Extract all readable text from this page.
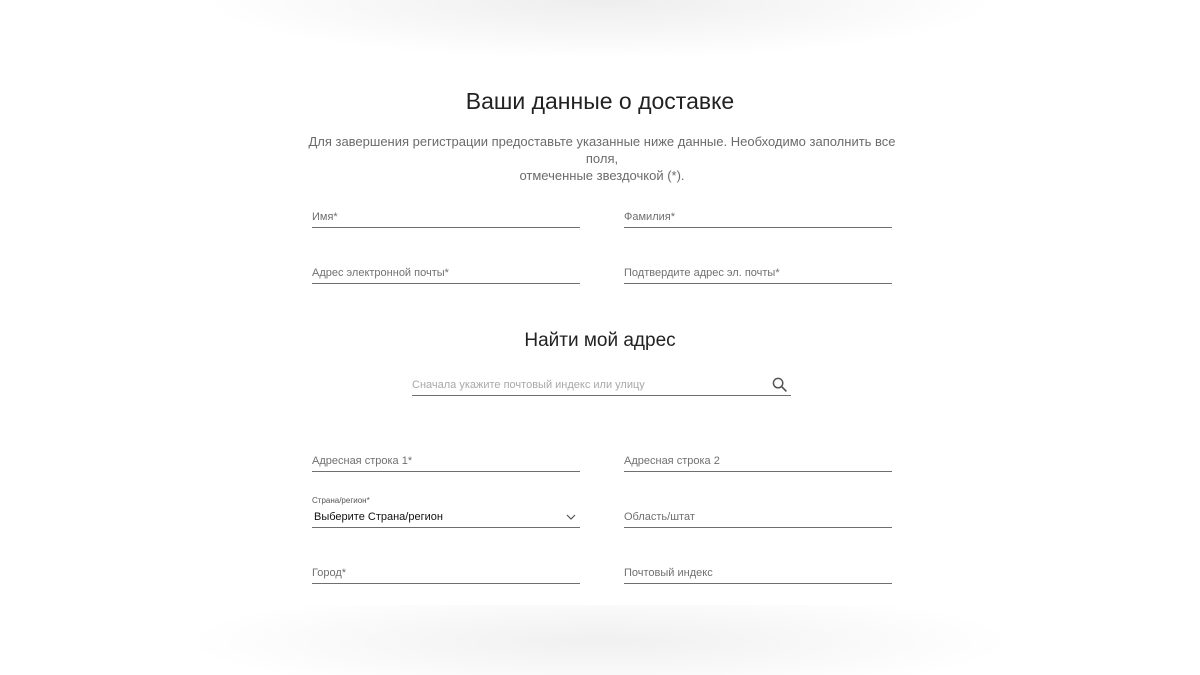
Ваши данные о доставке

Для завершения регистрации предоставьте указанные ниже данные. Необходимо заполнить все поля,
отмеченные звездочкой (*).

Имя*	Фамилия*
Адрес электронной почты*	Подтвердите адрес эл. почты*
Найти мой адрес
Сначала укажите почтовый индекс или улицу
Адресная строка 1*	Адресная строка 2
Страна/регион*
Выберите Страна/регион	Область/штат
Город*	Почтовый индекс
